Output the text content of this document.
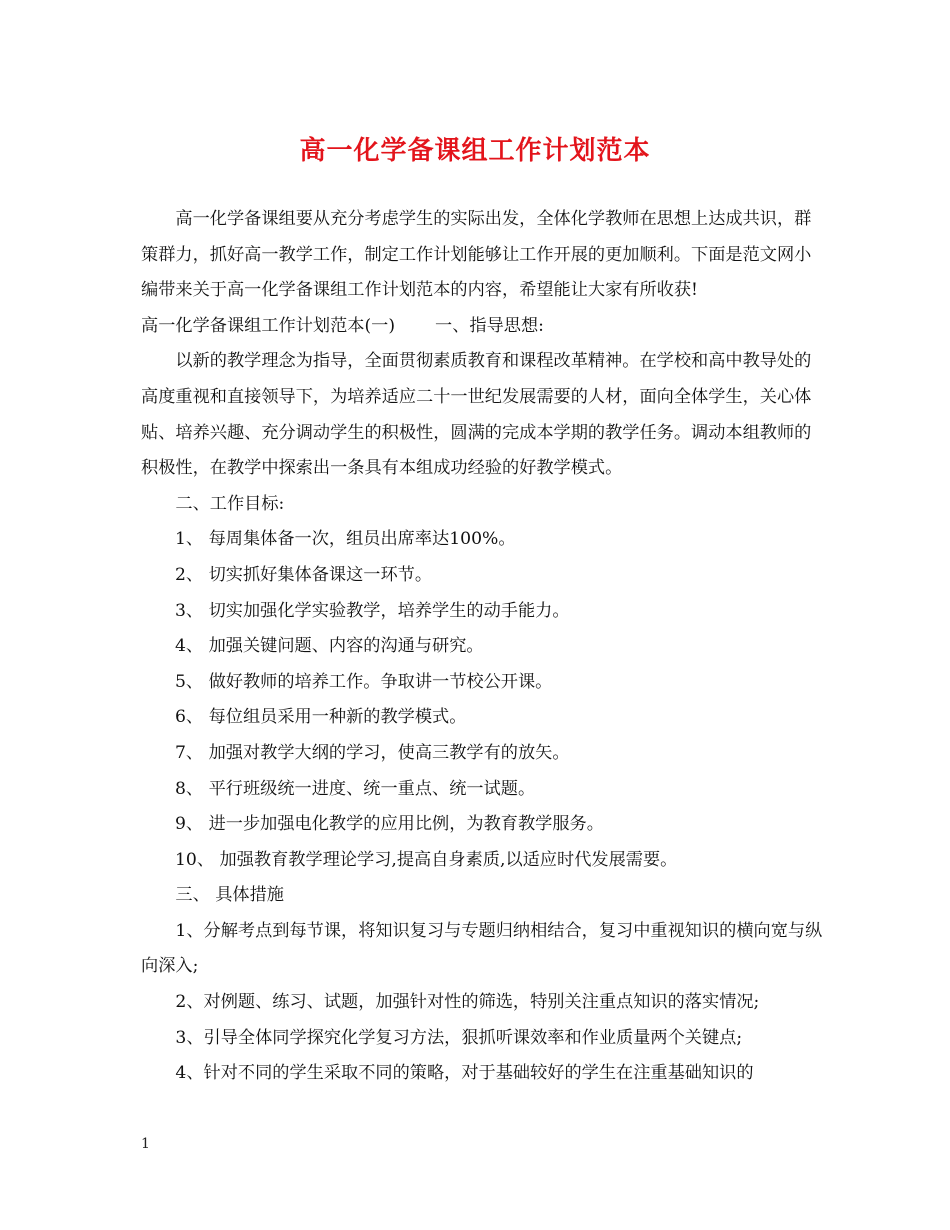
高一化学备课组工作计划范本

高一化学备课组要从充分考虑学生的实际出发，全体化学教师在思想上达成共识，群策群力，抓好高一教学工作，制定工作计划能够让工作开展的更加顺利。下面是范文网小编带来关于高一化学备课组工作计划范本的内容，希望能让大家有所收获!

高一化学备课组工作计划范本(一) 一、指导思想:

以新的教学理念为指导，全面贯彻素质教育和课程改革精神。在学校和高中教导处的高度重视和直接领导下，为培养适应二十一世纪发展需要的人材，面向全体学生，关心体贴、培养兴趣、充分调动学生的积极性，圆满的完成本学期的教学任务。调动本组教师的积极性，在教学中探索出一条具有本组成功经验的好教学模式。

二、工作目标:

1、 每周集体备一次，组员出席率达100%。

2、 切实抓好集体备课这一环节。

3、 切实加强化学实验教学，培养学生的动手能力。

4、 加强关键问题、内容的沟通与研究。

5、 做好教师的培养工作。争取讲一节校公开课。

6、 每位组员采用一种新的教学模式。

7、 加强对教学大纲的学习，使高三教学有的放矢。

8、 平行班级统一进度、统一重点、统一试题。

9、 进一步加强电化教学的应用比例，为教育教学服务。

10、 加强教育教学理论学习,提高自身素质,以适应时代发展需要。

三、 具体措施

1、分解考点到每节课，将知识复习与专题归纳相结合，复习中重视知识的横向宽与纵向深入;

2、对例题、练习、试题，加强针对性的筛选，特别关注重点知识的落实情况;

3、引导全体同学探究化学复习方法，狠抓听课效率和作业质量两个关键点;

4、针对不同的学生采取不同的策略，对于基础较好的学生在注重基础知识的

1
